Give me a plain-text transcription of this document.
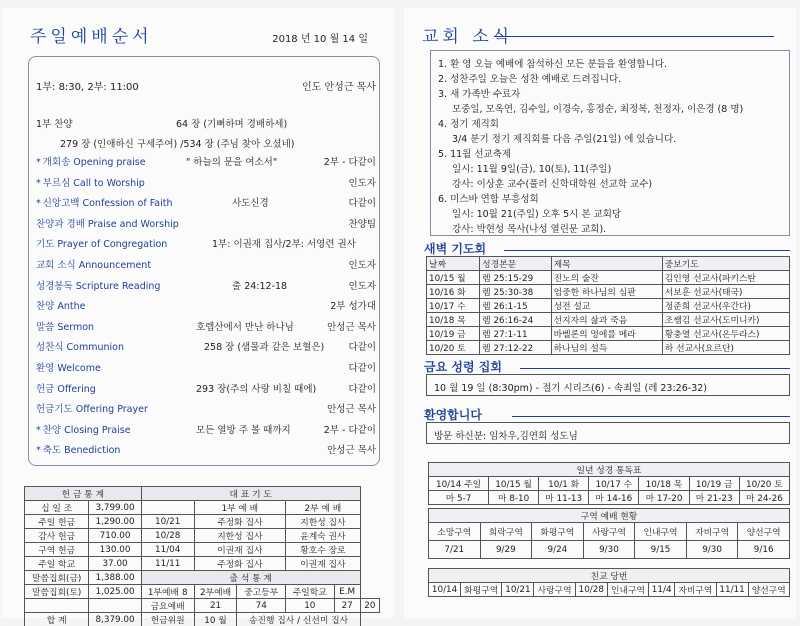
주일예배순서	2018 년 10 월 14 일
1부: 8:30, 2부: 11:00	인도 안성근 목사
1부 찬양	64 장 (기뻐하며 경배하세)
279 장 (인애하신 구세주여) /534 장 (주님 찾아 오셨네)
* 개회송 Opening praise	" 하늘의 문을 여소서"	2부 - 다같이
* 부르심 Call to Worship	인도자
* 신앙고백 Confession of Faith	사도신경	다같이
찬양과 경배 Praise and Worship	찬양팀
기도 Prayer of Congregation	1부: 이권재 집사/2부: 서영련 권사
교회 소식 Announcement	인도자
성경봉독 Scripture Reading	출 24:12-18	인도자
찬양 Anthe	2부 성가대
말씀 Sermon	호렙산에서 만난 하나님	안성근 목사
성찬식 Communion	258 장 (샘물과 같은 보혈은)	다같이
환영 Welcome	다같이
헌금 Offering	293 장(주의 사랑 비칠 때에)	다같이
헌금기도 Offering Prayer	안성근 목사
* 찬양 Closing Praise	모든 열방 주 볼 때까지	2부 - 다같이
* 축도 Benediction	안성근 목사
헌 금 통 계		대 표 기 도					
십 일 조	3,799.00		1부 예 배		2부 예 배		
주일 헌금	1,290.00	10/21	주정화 집사		지한성 집사		
감사 헌금	710.00	10/28	지한성 집사		윤계숙 권사		
구역 헌금	130.00	11/04	이권재 집사		황호수 장로		
주일 학교	37.00	11/11	주정화 집사		이권재 집사		
말씀집회(금)	1,388.00	출 석 통 계					
말씀집회(토)	1,025.00	1부예배 8	2부예배	중고등부	주일학교	E.M	
		금요예배	21	74	10	27	20
합 계	8,379.00	헌금위원	10 월	송진행 집사 / 신선미 집사			
교회 소식
1. 환 영 오늘 예배에 참석하신 모든 분들을 환영합니다.
2. 성찬주일 오늘은 성찬 예배로 드려집니다.
3. 새 가족반 수료자
모중일, 모옥연, 김수일, 이경숙, 홍정순, 최정복, 천정자, 이은경 (8 명)
4. 정기 제직회
3/4 분기 정기 제직회를 다음 주일(21일) 에 있습니다.
5. 11월 선교축제
일시: 11월 9일(금), 10(토), 11(주일)
강사: 이상훈 교수(풀러 신학대학원 선교학 교수)
6. 미스바 연합 부흥성회
일시: 10월 21(주일) 오후 5시 본 교회당
강사: 박현성 목사(나성 열린문 교회).
새벽 기도회
날짜	성경본문	제목	중보기도
10/15 월	렘 25:15-29	진노의 술잔	김인영 선교사(파키스탄
10/16 화	렘 25:30-38	엄중한 하나님의 심판	서보훈 선교사(태국)
10/17 수	렘 26:1-15	성전 설교	정준희 선교사(우간다)
10/18 목	렘 26:16-24	선지자의 삶과 죽음	조쌤김 선교사(도미니카)
10/19 금	렘 27:1-11	바벨론의 멍에를 메라	황충열 선교사(온두라스)
10/20 토	렘 27:12-22	하나님의 설득	하 선교사(요르단)
금요 성령 집회
10 월 19 일 (8:30pm) - 절기 시리즈(6) - 속죄일 (레 23:26-32)
환영합니다
방문 하신분: 임차우,김연희 성도님
일년 성경 통독표						
10/14 주일	10/15 월	10/1 화	10/17 수	10/18 목	10/19 금	10/20 토
마 5-7	마 8-10	마 11-13	마 14-16	마 17-20	마 21-23	마 24-26
구역 예배 현황						
소망구역	희락구역	화평구역	사랑구역	인내구역	자비구역	양선구역
7/21	9/29	9/24	9/30	9/15	9/30	9/16
친교 당번
10/14	화평구역	10/21	사랑구역	10/28	인내구역	11/4	자비구역	11/11	양선구역
